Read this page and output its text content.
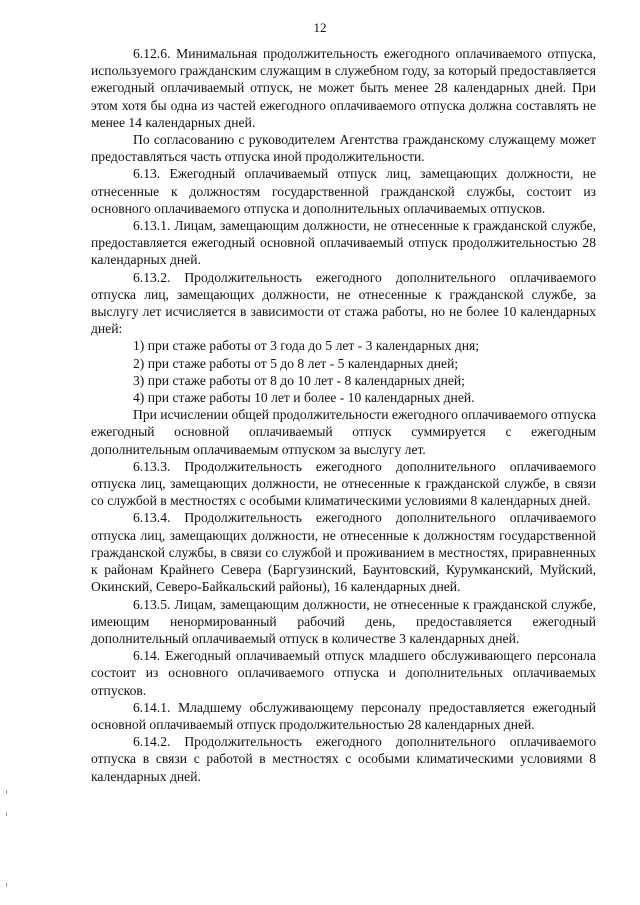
12

6.12.6. Минимальная продолжительность ежегодного оплачиваемого отпуска, используемого гражданским служащим в служебном году, за который предоставляется ежегодный оплачиваемый отпуск, не может быть менее 28 календарных дней. При этом хотя бы одна из частей ежегодного оплачиваемого отпуска должна составлять не менее 14 календарных дней.

По согласованию с руководителем Агентства гражданскому служащему может предоставляться часть отпуска иной продолжительности.

6.13. Ежегодный оплачиваемый отпуск лиц, замещающих должности, не отнесенные к должностям государственной гражданской службы, состоит из основного оплачиваемого отпуска и дополнительных оплачиваемых отпусков.

6.13.1. Лицам, замещающим должности, не отнесенные к гражданской службе, предоставляется ежегодный основной оплачиваемый отпуск продолжительностью 28 календарных дней.

6.13.2. Продолжительность ежегодного дополнительного оплачиваемого отпуска лиц, замещающих должности, не отнесенные к гражданской службе, за выслугу лет исчисляется в зависимости от стажа работы, но не более 10 календарных дней:

1) при стаже работы от 3 года до 5 лет - 3 календарных дня;

2) при стаже работы от 5 до 8 лет - 5 календарных дней;

3) при стаже работы от 8 до 10 лет - 8 календарных дней;

4) при стаже работы 10 лет и более - 10 календарных дней.

При исчислении общей продолжительности ежегодного оплачиваемого отпуска ежегодный основной оплачиваемый отпуск суммируется с ежегодным дополнительным оплачиваемым отпуском за выслугу лет.

6.13.3. Продолжительность ежегодного дополнительного оплачиваемого отпуска лиц, замещающих должности, не отнесенные к гражданской службе, в связи со службой в местностях с особыми климатическими условиями 8 календарных дней.

6.13.4. Продолжительность ежегодного дополнительного оплачиваемого отпуска лиц, замещающих должности, не отнесенные к должностям государственной гражданской службы, в связи со службой и проживанием в местностях, приравненных к районам Крайнего Севера (Баргузинский, Баунтовский, Курумканский, Муйский, Окинский, Северо-Байкальский районы), 16 календарных дней.

6.13.5. Лицам, замещающим должности, не отнесенные к гражданской службе, имеющим ненормированный рабочий день, предоставляется ежегодный дополнительный оплачиваемый отпуск в количестве 3 календарных дней.

6.14. Ежегодный оплачиваемый отпуск младшего обслуживающего персонала состоит из основного оплачиваемого отпуска и дополнительных оплачиваемых отпусков.

6.14.1. Младшему обслуживающему персоналу предоставляется ежегодный основной оплачиваемый отпуск продолжительностью 28 календарных дней.

6.14.2. Продолжительность ежегодного дополнительного оплачиваемого отпуска в связи с работой в местностях с особыми климатическими условиями 8 календарных дней.
